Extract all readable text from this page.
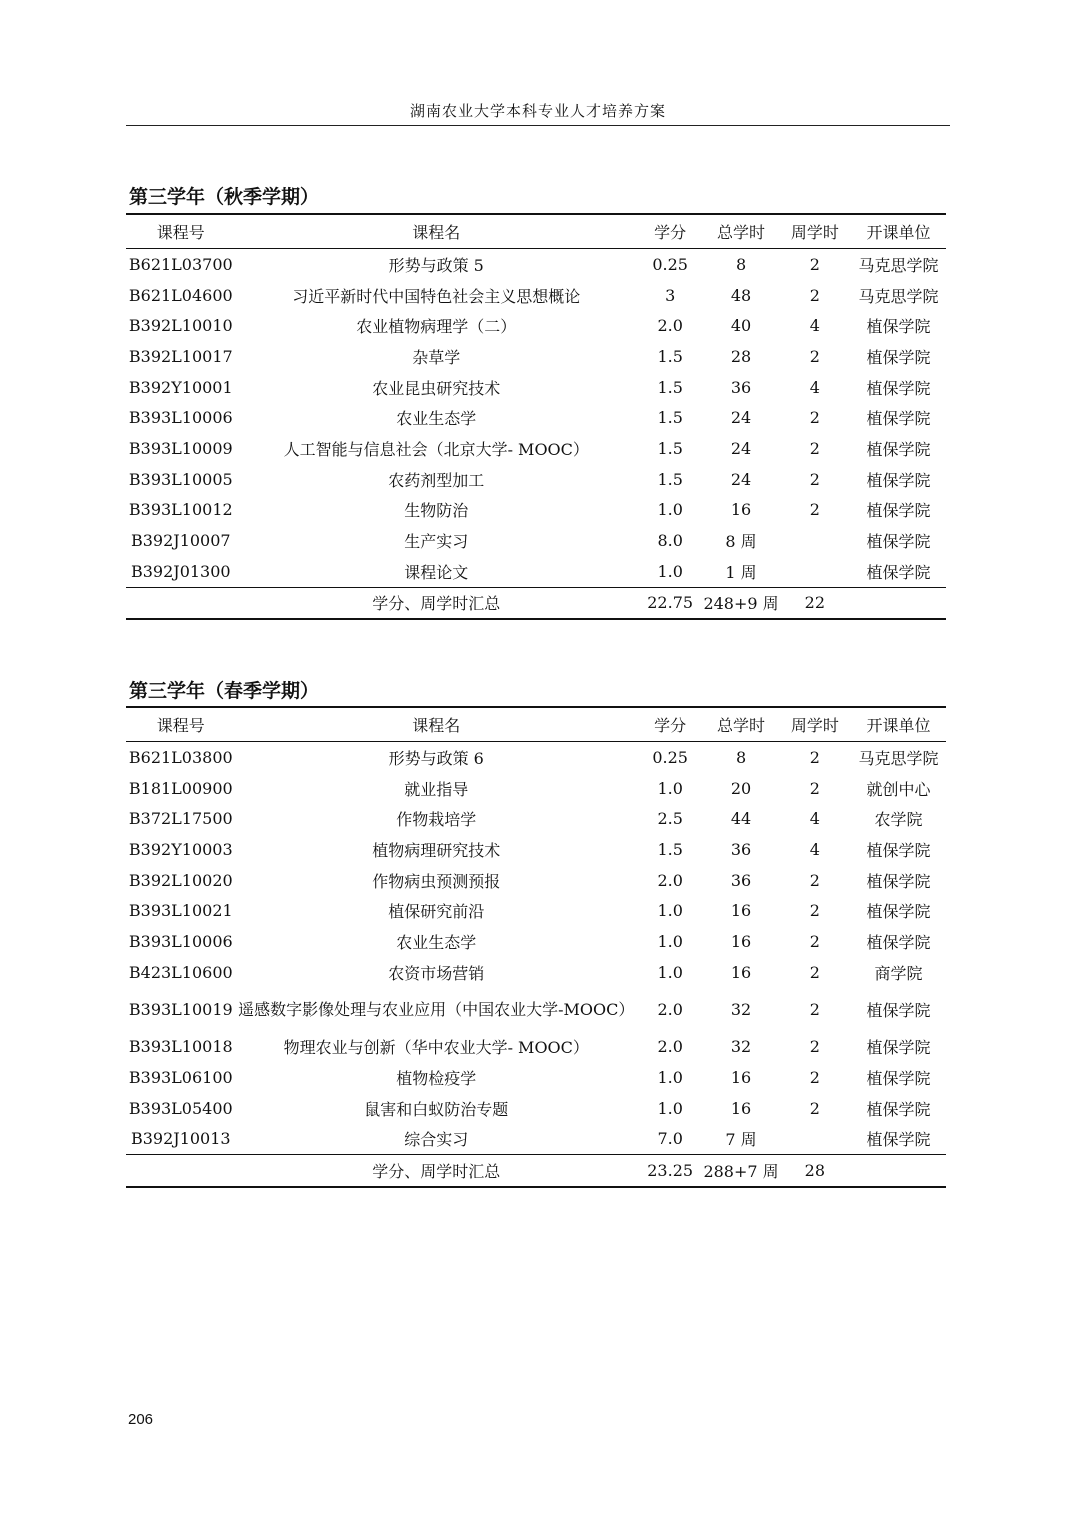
湖南农业大学本科专业人才培养方案
第三学年（秋季学期）
课程号	课程名	学分	总学时	周学时	开课单位
B621L03700	形势与政策 5	0.25	8	2	马克思学院
B621L04600	习近平新时代中国特色社会主义思想概论	3	48	2	马克思学院
B392L10010	农业植物病理学（二）	2.0	40	4	植保学院
B392L10017	杂草学	1.5	28	2	植保学院
B392Y10001	农业昆虫研究技术	1.5	36	4	植保学院
B393L10006	农业生态学	1.5	24	2	植保学院
B393L10009	人工智能与信息社会（北京大学- MOOC）	1.5	24	2	植保学院
B393L10005	农药剂型加工	1.5	24	2	植保学院
B393L10012	生物防治	1.0	16	2	植保学院
B392J10007	生产实习	8.0	8 周		植保学院
B392J01300	课程论文	1.0	1 周		植保学院
	学分、周学时汇总	22.75	248+9 周	22	
第三学年（春季学期）
课程号	课程名	学分	总学时	周学时	开课单位
B621L03800	形势与政策 6	0.25	8	2	马克思学院
B181L00900	就业指导	1.0	20	2	就创中心
B372L17500	作物栽培学	2.5	44	4	农学院
B392Y10003	植物病理研究技术	1.5	36	4	植保学院
B392L10020	作物病虫预测预报	2.0	36	2	植保学院
B393L10021	植保研究前沿	1.0	16	2	植保学院
B393L10006	农业生态学	1.0	16	2	植保学院
B423L10600	农资市场营销	1.0	16	2	商学院
B393L10019	遥感数字影像处理与农业应用（中国农业大学-MOOC）	2.0	32	2	植保学院
B393L10018	物理农业与创新（华中农业大学- MOOC）	2.0	32	2	植保学院
B393L06100	植物检疫学	1.0	16	2	植保学院
B393L05400	鼠害和白蚁防治专题	1.0	16	2	植保学院
B392J10013	综合实习	7.0	7 周		植保学院
	学分、周学时汇总	23.25	288+7 周	28	
206
